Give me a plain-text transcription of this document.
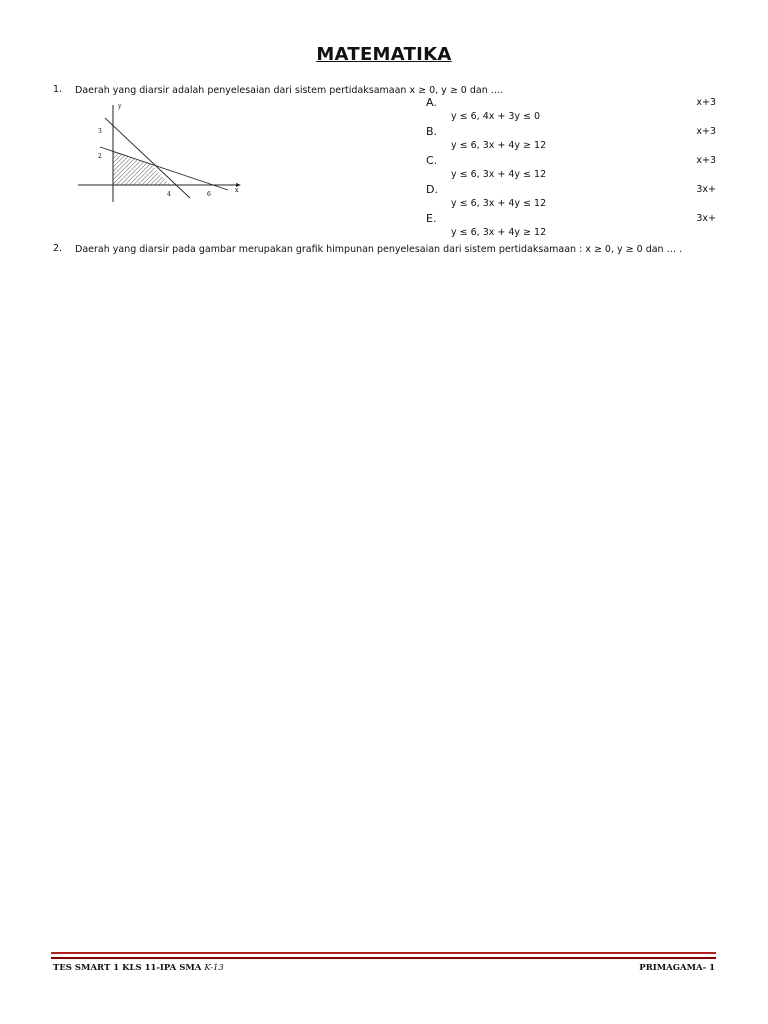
MATEMATIKA
1. Daerah yang diarsir adalah penyelesaian dari sistem pertidaksamaan x ≥ 0, y ≥ 0 dan ….
y
x
3
2
4	6
A.	x+3
y ≤ 6, 4x + 3y ≤ 0
B.	x+3
y ≤ 6, 3x + 4y ≥ 12
C.	x+3
y ≤ 6, 3x + 4y ≤ 12
D.	3x+
y ≤ 6, 3x + 4y ≤ 12
E.	3x+
y ≤ 6, 3x + 4y ≥ 12
2. Daerah yang diarsir pada gambar merupakan grafik himpunan penyelesaian dari sistem pertidaksamaan : x ≥ 0, y ≥ 0 dan … .
TES SMART 1 KLS 11-IPA SMA K-13	PRIMAGAMA- 1
